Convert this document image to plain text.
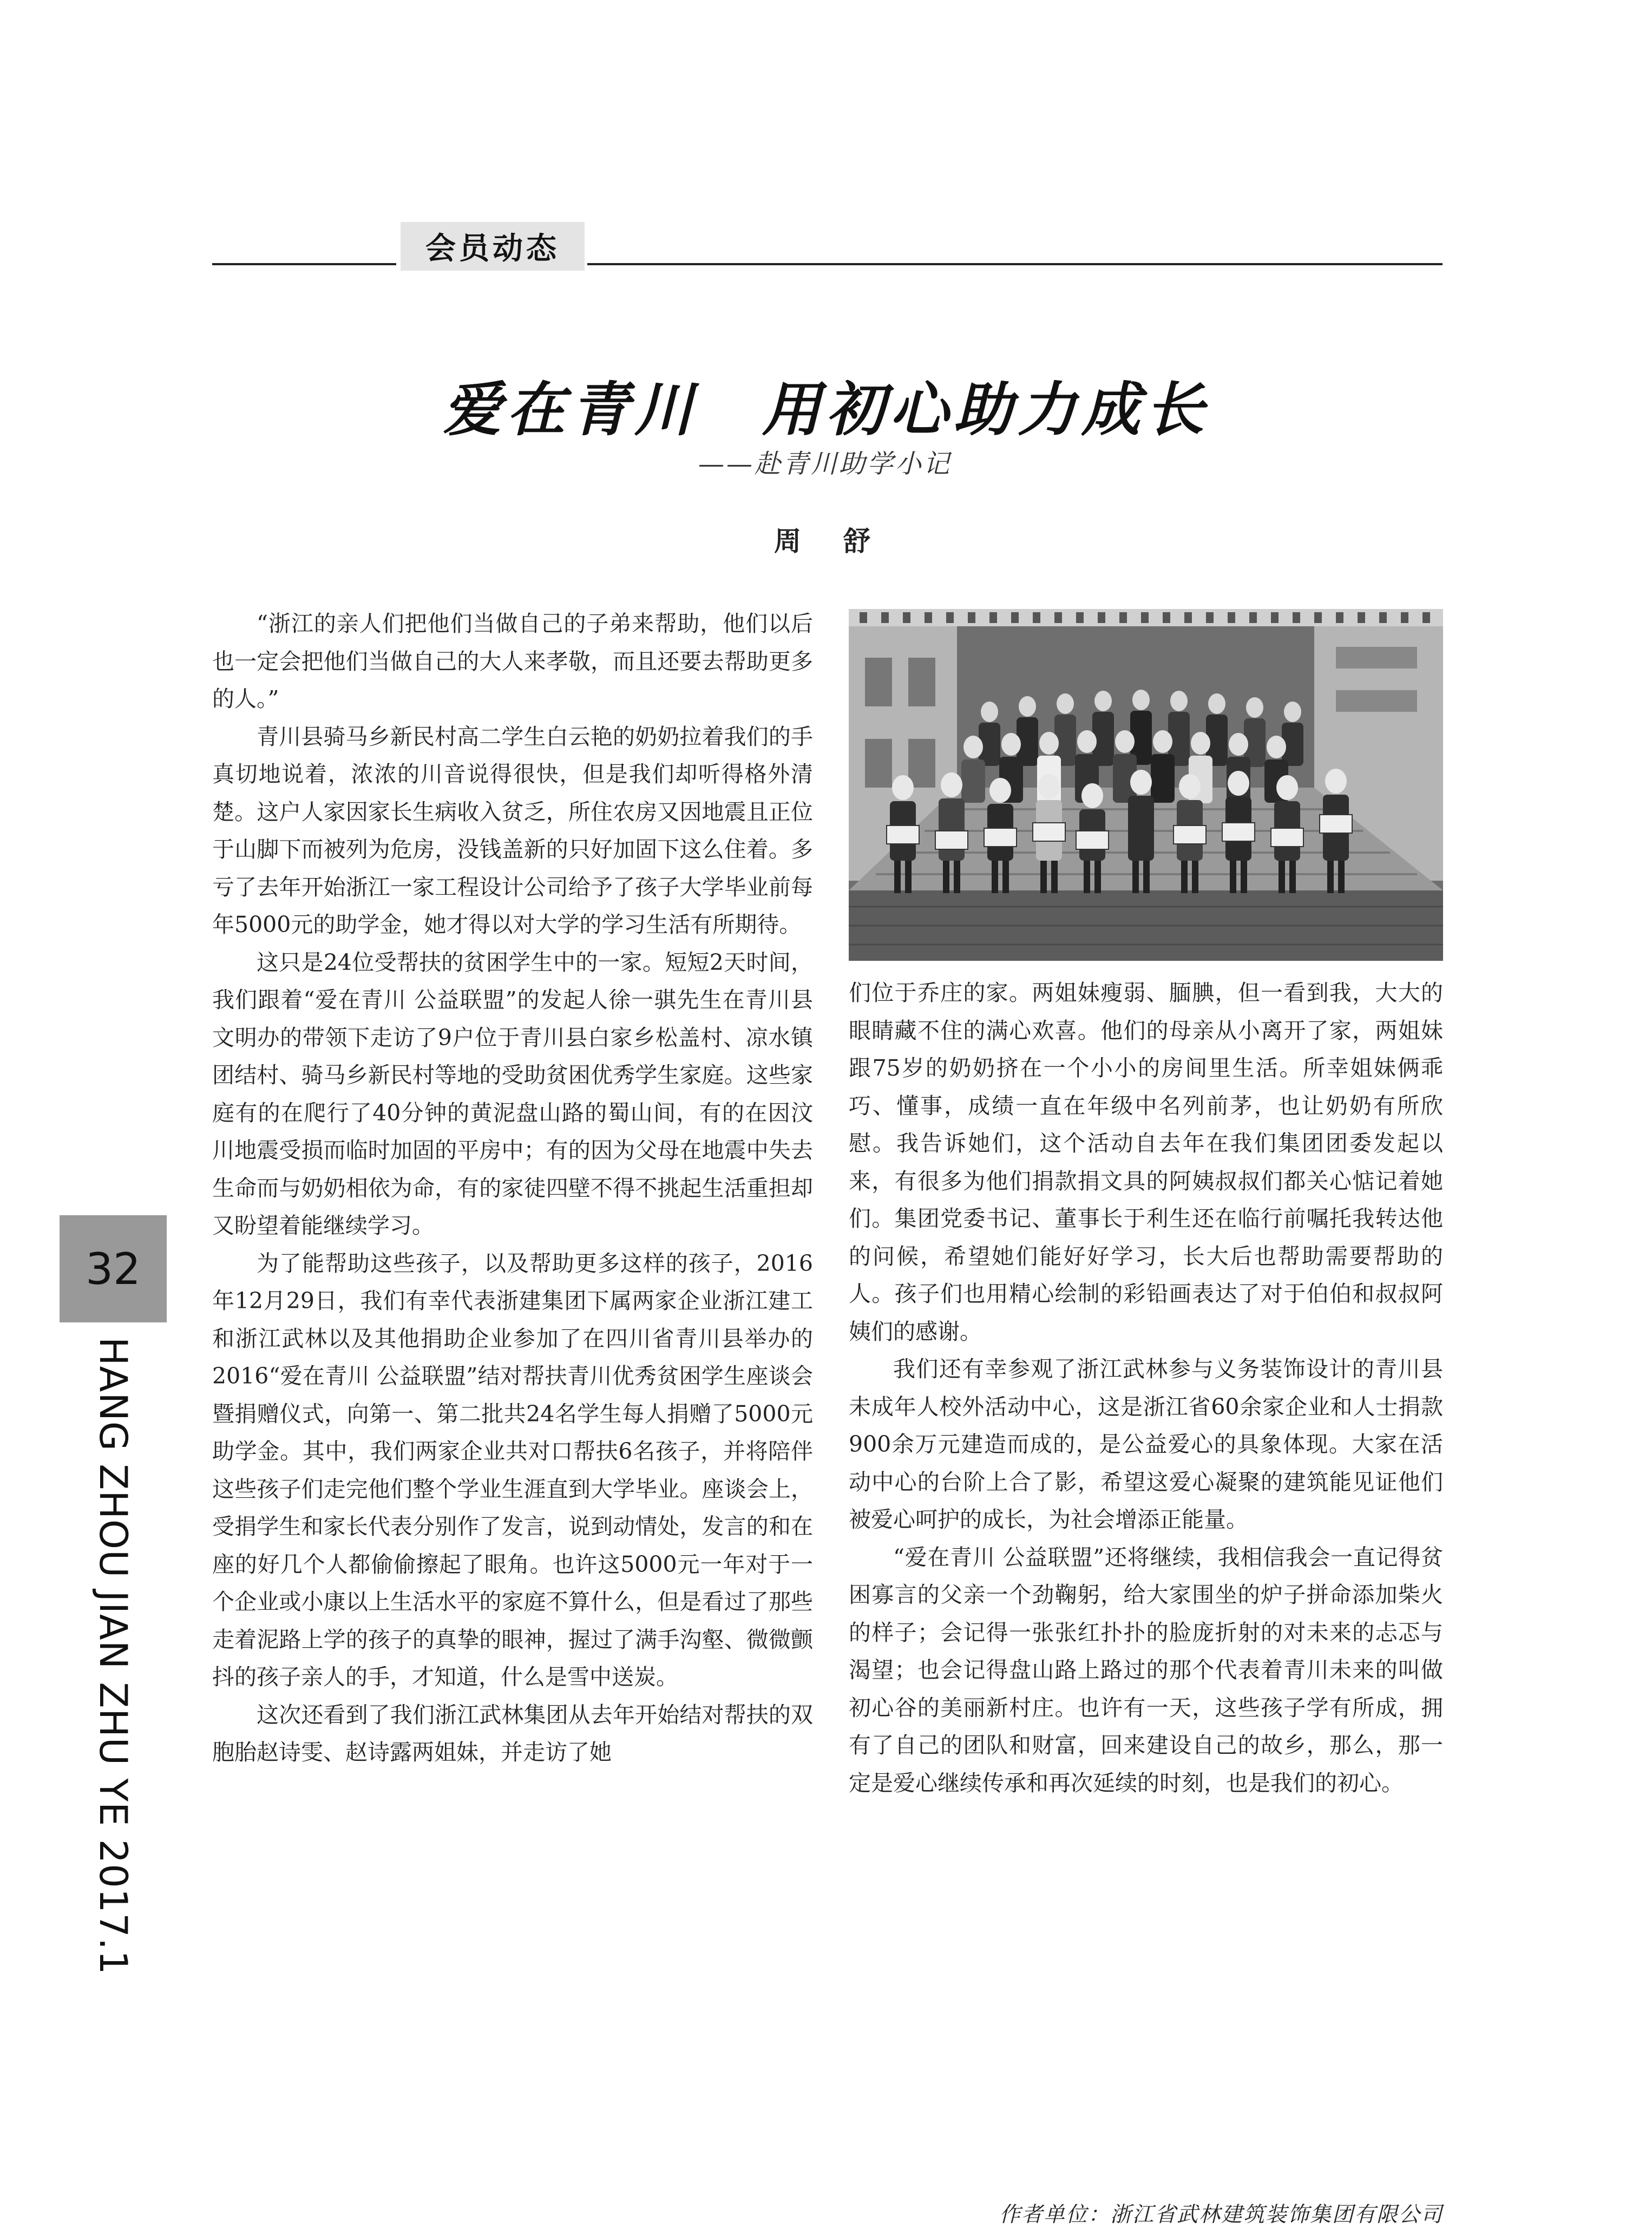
会员动态
爱在青川　用初心助力成长
——赴青川助学小记
周　舒

“浙江的亲人们把他们当做自己的子弟来帮助，他们以后也一定会把他们当做自己的大人来孝敬，而且还要去帮助更多的人。”

青川县骑马乡新民村高二学生白云艳的奶奶拉着我们的手真切地说着，浓浓的川音说得很快，但是我们却听得格外清楚。这户人家因家长生病收入贫乏，所住农房又因地震且正位于山脚下而被列为危房，没钱盖新的只好加固下这么住着。多亏了去年开始浙江一家工程设计公司给予了孩子大学毕业前每年5000元的助学金，她才得以对大学的学习生活有所期待。

这只是24位受帮扶的贫困学生中的一家。短短2天时间，我们跟着“爱在青川 公益联盟”的发起人徐一骐先生在青川县文明办的带领下走访了9户位于青川县白家乡松盖村、凉水镇团结村、骑马乡新民村等地的受助贫困优秀学生家庭。这些家庭有的在爬行了40分钟的黄泥盘山路的蜀山间，有的在因汶川地震受损而临时加固的平房中；有的因为父母在地震中失去生命而与奶奶相依为命，有的家徒四壁不得不挑起生活重担却又盼望着能继续学习。

为了能帮助这些孩子，以及帮助更多这样的孩子，2016年12月29日，我们有幸代表浙建集团下属两家企业浙江建工和浙江武林以及其他捐助企业参加了在四川省青川县举办的2016“爱在青川 公益联盟”结对帮扶青川优秀贫困学生座谈会暨捐赠仪式，向第一、第二批共24名学生每人捐赠了5000元助学金。其中，我们两家企业共对口帮扶6名孩子，并将陪伴这些孩子们走完他们整个学业生涯直到大学毕业。座谈会上，受捐学生和家长代表分别作了发言，说到动情处，发言的和在座的好几个人都偷偷擦起了眼角。也许这5000元一年对于一个企业或小康以上生活水平的家庭不算什么，但是看过了那些走着泥路上学的孩子的真挚的眼神，握过了满手沟壑、微微颤抖的孩子亲人的手，才知道，什么是雪中送炭。

这次还看到了我们浙江武林集团从去年开始结对帮扶的双胞胎赵诗雯、赵诗露两姐妹，并走访了她

们位于乔庄的家。两姐妹瘦弱、腼腆，但一看到我，大大的眼睛藏不住的满心欢喜。他们的母亲从小离开了家，两姐妹跟75岁的奶奶挤在一个小小的房间里生活。所幸姐妹俩乖巧、懂事，成绩一直在年级中名列前茅，也让奶奶有所欣慰。我告诉她们，这个活动自去年在我们集团团委发起以来，有很多为他们捐款捐文具的阿姨叔叔们都关心惦记着她们。集团党委书记、董事长于利生还在临行前嘱托我转达他的问候，希望她们能好好学习，长大后也帮助需要帮助的人。孩子们也用精心绘制的彩铅画表达了对于伯伯和叔叔阿姨们的感谢。

我们还有幸参观了浙江武林参与义务装饰设计的青川县未成年人校外活动中心，这是浙江省60余家企业和人士捐款900余万元建造而成的，是公益爱心的具象体现。大家在活动中心的台阶上合了影，希望这爱心凝聚的建筑能见证他们被爱心呵护的成长，为社会增添正能量。

“爱在青川 公益联盟”还将继续，我相信我会一直记得贫困寡言的父亲一个劲鞠躬，给大家围坐的炉子拼命添加柴火的样子；会记得一张张红扑扑的脸庞折射的对未来的忐忑与渴望；也会记得盘山路上路过的那个代表着青川未来的叫做初心谷的美丽新村庄。也许有一天，这些孩子学有所成，拥有了自己的团队和财富，回来建设自己的故乡，那么，那一定是爱心继续传承和再次延续的时刻，也是我们的初心。

作者单位：浙江省武林建筑装饰集团有限公司
32
HANG ZHOU JIAN ZHU YE 2017.1
